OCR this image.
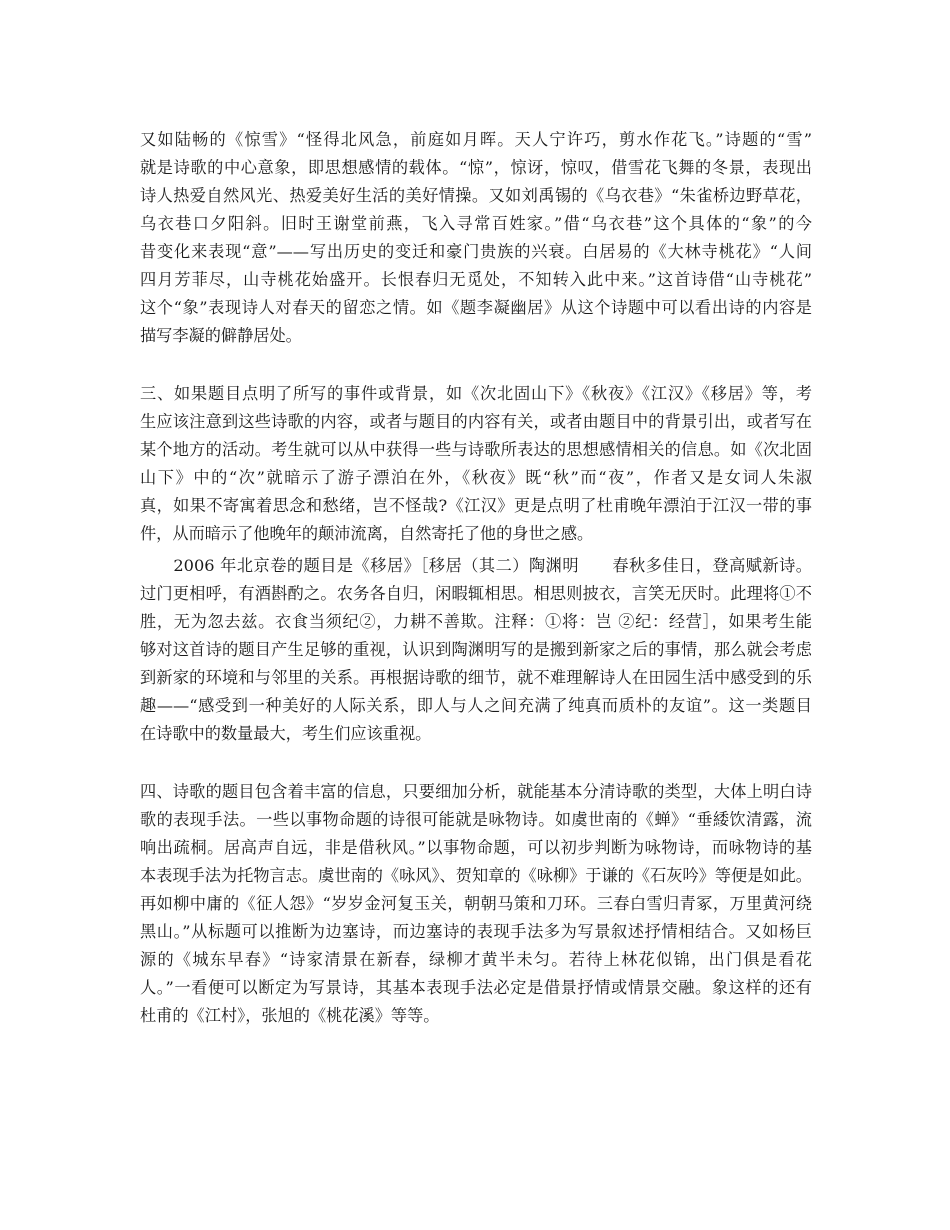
又如陆畅的《惊雪》“怪得北风急，前庭如月晖。天人宁许巧，剪水作花飞。”诗题的“雪”
就是诗歌的中心意象，即思想感情的载体。“惊”，惊讶，惊叹，借雪花飞舞的冬景，表现出
诗人热爱自然风光、热爱美好生活的美好情操。又如刘禹锡的《乌衣巷》“朱雀桥边野草花，
乌衣巷口夕阳斜。旧时王谢堂前燕，飞入寻常百姓家。”借“乌衣巷”这个具体的“象”的今
昔变化来表现“意”——写出历史的变迁和豪门贵族的兴衰。白居易的《大林寺桃花》“人间
四月芳菲尽，山寺桃花始盛开。长恨春归无觅处，不知转入此中来。”这首诗借“山寺桃花”
这个“象”表现诗人对春天的留恋之情。如《题李凝幽居》从这个诗题中可以看出诗的内容是
描写李凝的僻静居处。
三、如果题目点明了所写的事件或背景，如《次北固山下》《秋夜》《江汉》《移居》等，考
生应该注意到这些诗歌的内容，或者与题目的内容有关，或者由题目中的背景引出，或者写在
某个地方的活动。考生就可以从中获得一些与诗歌所表达的思想感情相关的信息。如《次北固
山下》中的“次”就暗示了游子漂泊在外，《秋夜》既“秋”而“夜”，作者又是女词人朱淑
真，如果不寄寓着思念和愁绪，岂不怪哉?《江汉》更是点明了杜甫晚年漂泊于江汉一带的事
件，从而暗示了他晚年的颠沛流离，自然寄托了他的身世之感。
　　2006 年北京卷的题目是《移居》［移居（其二）陶渊明　　春秋多佳日，登高赋新诗。
过门更相呼，有酒斟酌之。农务各自归，闲暇辄相思。相思则披衣，言笑无厌时。此理将①不
胜，无为忽去兹。衣食当须纪②，力耕不善欺。注释：①将：岂 ②纪：经营］，如果考生能
够对这首诗的题目产生足够的重视，认识到陶渊明写的是搬到新家之后的事情，那么就会考虑
到新家的环境和与邻里的关系。再根据诗歌的细节，就不难理解诗人在田园生活中感受到的乐
趣——“感受到一种美好的人际关系，即人与人之间充满了纯真而质朴的友谊”。这一类题目
在诗歌中的数量最大，考生们应该重视。
四、诗歌的题目包含着丰富的信息，只要细加分析，就能基本分清诗歌的类型，大体上明白诗
歌的表现手法。一些以事物命题的诗很可能就是咏物诗。如虞世南的《蝉》“垂緌饮清露，流
响出疏桐。居高声自远，非是借秋风。”以事物命题，可以初步判断为咏物诗，而咏物诗的基
本表现手法为托物言志。虞世南的《咏风》、贺知章的《咏柳》于谦的《石灰吟》等便是如此。
再如柳中庸的《征人怨》“岁岁金河复玉关，朝朝马策和刀环。三春白雪归青冢，万里黄河绕
黑山。”从标题可以推断为边塞诗，而边塞诗的表现手法多为写景叙述抒情相结合。又如杨巨
源的《城东早春》“诗家清景在新春，绿柳才黄半未匀。若待上林花似锦，出门俱是看花
人。”一看便可以断定为写景诗，其基本表现手法必定是借景抒情或情景交融。象这样的还有
杜甫的《江村》，张旭的《桃花溪》等等。
